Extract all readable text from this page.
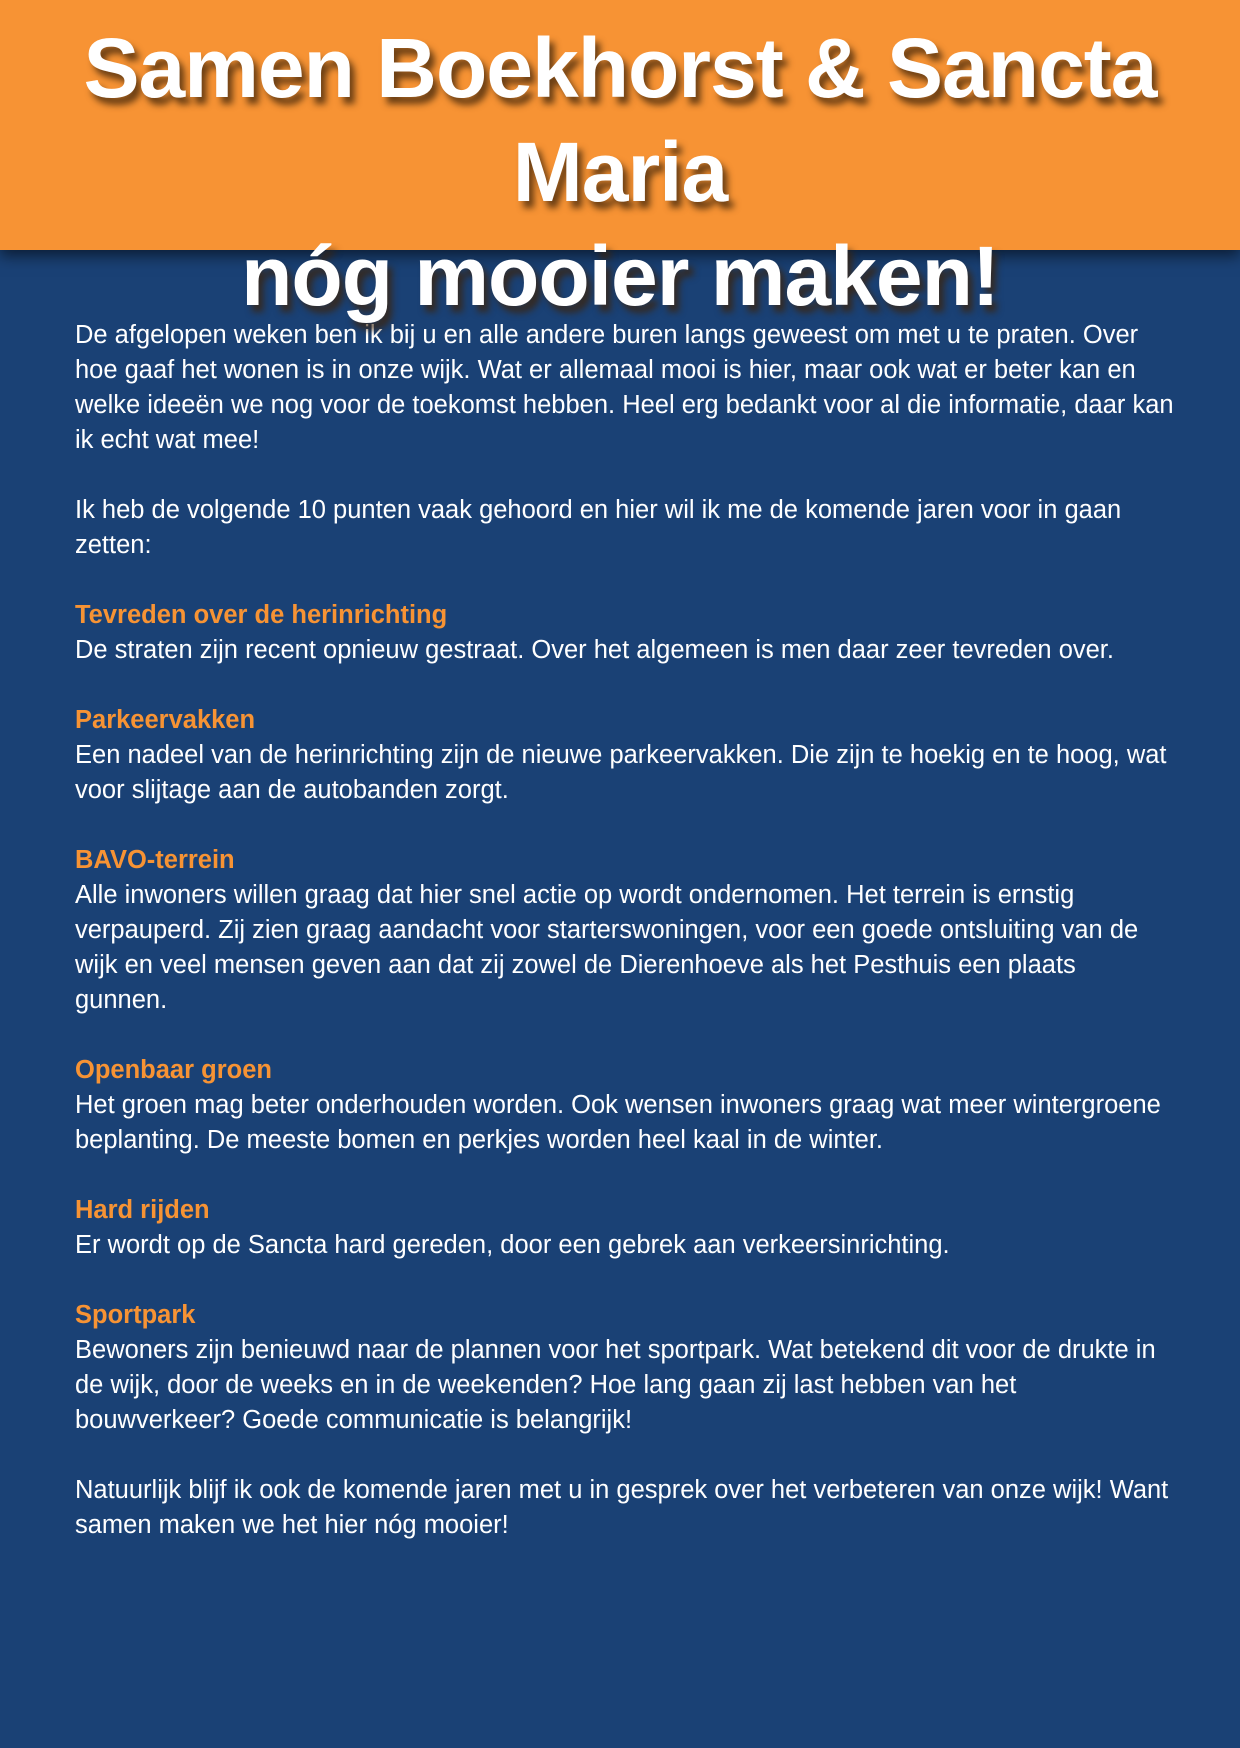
Samen Boekhorst & Sancta Maria
nóg mooier maken!

De afgelopen weken ben ik bij u en alle andere buren langs geweest om met u te praten. Over hoe gaaf het wonen is in onze wijk. Wat er allemaal mooi is hier, maar ook wat er beter kan en welke ideeën we nog voor de toekomst hebben. Heel erg bedankt voor al die informatie, daar kan ik echt wat mee!

Ik heb de volgende 10 punten vaak gehoord en hier wil ik me de komende jaren voor in gaan zetten:

Tevreden over de herinrichting

De straten zijn recent opnieuw gestraat. Over het algemeen is men daar zeer tevreden over.

Parkeervakken

Een nadeel van de herinrichting zijn de nieuwe parkeervakken. Die zijn te hoekig en te hoog, wat voor slijtage aan de autobanden zorgt.

BAVO-terrein

Alle inwoners willen graag dat hier snel actie op wordt ondernomen. Het terrein is ernstig verpauperd. Zij zien graag aandacht voor starterswoningen, voor een goede ontsluiting van de wijk en veel mensen geven aan dat zij zowel de Dierenhoeve als het Pesthuis een plaats gunnen.

Openbaar groen

Het groen mag beter onderhouden worden. Ook wensen inwoners graag wat meer wintergroene beplanting. De meeste bomen en perkjes worden heel kaal in de winter.

Hard rijden

Er wordt op de Sancta hard gereden, door een gebrek aan verkeersinrichting.

Sportpark

Bewoners zijn benieuwd naar de plannen voor het sportpark. Wat betekend dit voor de drukte in de wijk, door de weeks en in de weekenden? Hoe lang gaan zij last hebben van het bouwverkeer? Goede communicatie is belangrijk!

Natuurlijk blijf ik ook de komende jaren met u in gesprek over het verbeteren van onze wijk! Want samen maken we het hier nóg mooier!
